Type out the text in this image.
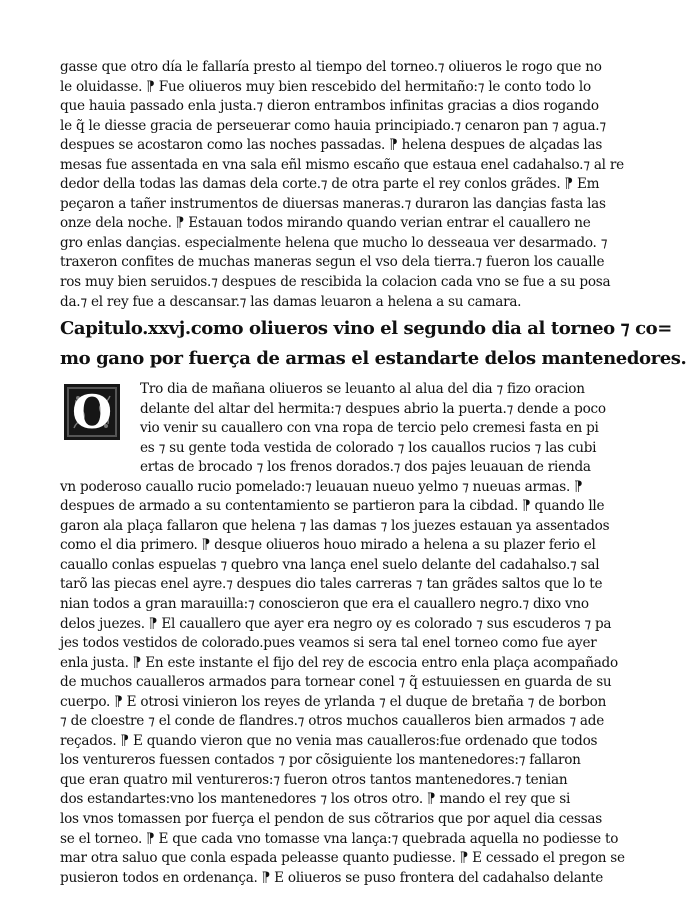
gasse que otro día le fallaría presto al tiempo del torneo.⁊ oliueros le rogo que no
le oluidasse. ⁋ Fue oliueros muy bien rescebido del hermitaño:⁊ le conto todo lo
que hauia passado enla justa.⁊ dieron entrambos infinitas gracias a dios rogando
le q̃ le diesse gracia de perseuerar como hauia principiado.⁊ cenaron pan ⁊ agua.⁊
despues se acostaron como las noches passadas. ⁋ helena despues de alçadas las
mesas fue assentada en vna sala eñl mismo escaño que estaua enel cadahalso.⁊ al re
dedor della todas las damas dela corte.⁊ de otra parte el rey conlos grãdes. ⁋ Em
peçaron a tañer instrumentos de diuersas maneras.⁊ duraron las dançias fasta las
onze dela noche. ⁋ Estauan todos mirando quando verian entrar el cauallero ne
gro enlas dançias. especialmente helena que mucho lo desseaua ver desarmado. ⁊
traxeron confites de muchas maneras segun el vso dela tierra.⁊ fueron los caualle
ros muy bien seruidos.⁊ despues de rescibida la colacion cada vno se fue a su posa
da.⁊ el rey fue a descansar.⁊ las damas leuaron a helena a su camara.
Capitulo.xxvj.como oliueros vino el segundo dia al torneo ⁊ co=
mo gano por fuerça de armas el estandarte delos mantenedores.
O	Tro dia de mañana oliueros se leuanto al alua del dia ⁊ fizo oracion
delante del altar del hermita:⁊ despues abrio la puerta.⁊ dende a poco
vio venir su cauallero con vna ropa de tercio pelo cremesi fasta en pi
es ⁊ su gente toda vestida de colorado ⁊ los cauallos rucios ⁊ las cubi
ertas de brocado ⁊ los frenos dorados.⁊ dos pajes leuauan de rienda
vn poderoso cauallo rucio pomelado:⁊ leuauan nueuo yelmo ⁊ nueuas armas. ⁋
despues de armado a su contentamiento se partieron para la cibdad. ⁋ quando lle
garon ala plaça fallaron que helena ⁊ las damas ⁊ los juezes estauan ya assentados
como el dia primero. ⁋ desque oliueros houo mirado a helena a su plazer ferio el
cauallo conlas espuelas ⁊ quebro vna lança enel suelo delante del cadahalso.⁊ sal
tarõ las piecas enel ayre.⁊ despues dio tales carreras ⁊ tan grãdes saltos que lo te
nian todos a gran marauilla:⁊ conoscieron que era el cauallero negro.⁊ dixo vno
delos juezes. ⁋ El cauallero que ayer era negro oy es colorado ⁊ sus escuderos ⁊ pa
jes todos vestidos de colorado.pues veamos si sera tal enel torneo como fue ayer
enla justa. ⁋ En este instante el fijo del rey de escocia entro enla plaça acompañado
de muchos caualleros armados para tornear conel ⁊ q̃ estuuiessen en guarda de su
cuerpo. ⁋ E otrosi vinieron los reyes de yrlanda ⁊ el duque de bretaña ⁊ de borbon
⁊ de cloestre ⁊ el conde de flandres.⁊ otros muchos caualleros bien armados ⁊ ade
reçados. ⁋ E quando vieron que no venia mas caualleros:fue ordenado que todos
los ventureros fuessen contados ⁊ por cõsiguiente los mantenedores:⁊ fallaron
que eran quatro mil ventureros:⁊ fueron otros tantos mantenedores.⁊ tenian
dos estandartes:vno los mantenedores ⁊ los otros otro. ⁋ mando el rey que si
los vnos tomassen por fuerça el pendon de sus cõtrarios que por aquel dia cessas
se el torneo. ⁋ E que cada vno tomasse vna lança:⁊ quebrada aquella no podiesse to
mar otra saluo que conla espada peleasse quanto pudiesse. ⁋ E cessado el pregon se
pusieron todos en ordenança. ⁋ E oliueros se puso frontera del cadahalso delante
